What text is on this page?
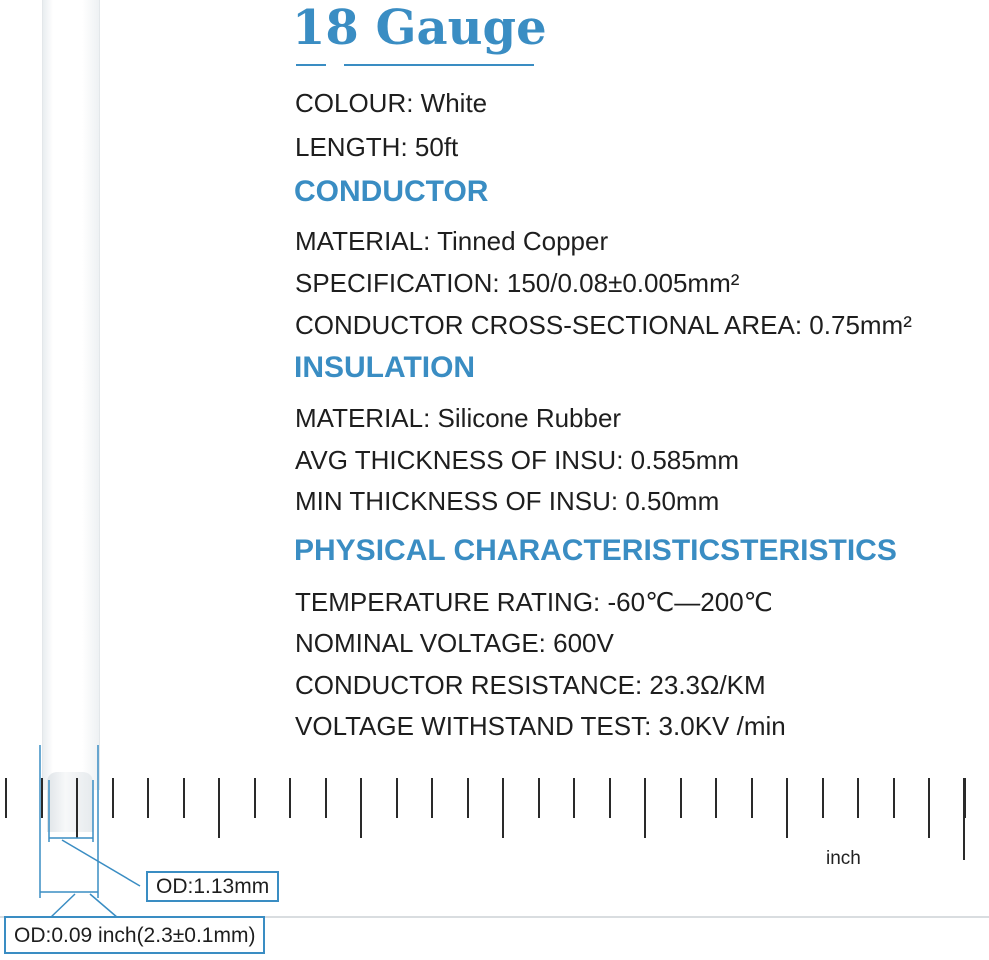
18 Gauge
COLOUR: White
LENGTH: 50ft
CONDUCTOR
MATERIAL: Tinned Copper
SPECIFICATION: 150/0.08±0.005mm²
CONDUCTOR CROSS-SECTIONAL AREA: 0.75mm²
INSULATION
MATERIAL: Silicone Rubber
AVG THICKNESS OF INSU: 0.585mm
MIN THICKNESS OF INSU: 0.50mm
PHYSICAL CHARACTERISTICSTERISTICS
TEMPERATURE RATING: -60℃—200℃
NOMINAL VOLTAGE: 600V
CONDUCTOR RESISTANCE: 23.3Ω/KM
VOLTAGE WITHSTAND TEST: 3.0KV /min
inch
OD:1.13mm
OD:0.09 inch(2.3±0.1mm)
